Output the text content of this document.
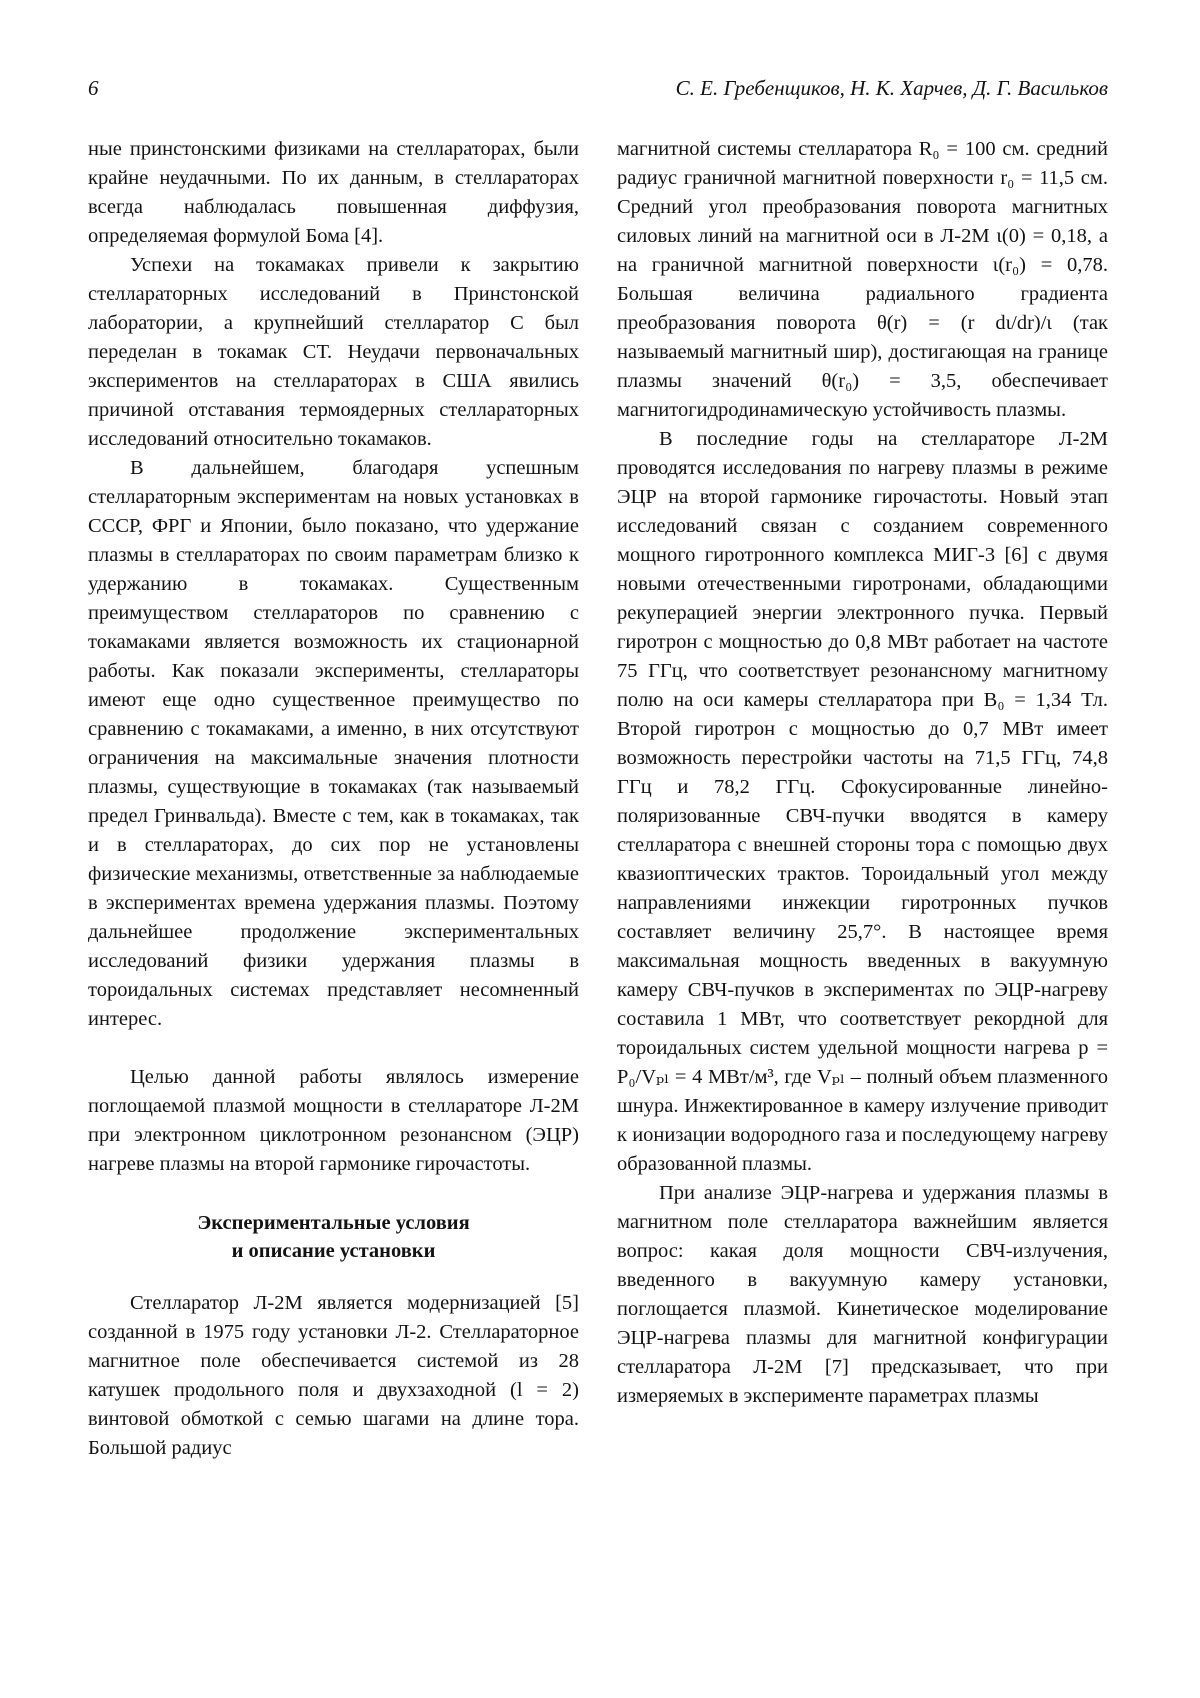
6	С. Е. Гребенщиков, Н. К. Харчев, Д. Г. Васильков

ные принстонскими физиками на стеллараторах, были крайне неудачными. По их данным, в стеллараторах всегда наблюдалась повышенная диффузия, определяемая формулой Бома [4].

Успехи на токамаках привели к закрытию стеллараторных исследований в Принстонской лаборатории, а крупнейший стелларатор С был переделан в токамак СТ. Неудачи первоначальных экспериментов на стеллараторах в США явились причиной отставания термоядерных стеллараторных исследований относительно токамаков.

В дальнейшем, благодаря успешным стеллараторным экспериментам на новых установках в СССР, ФРГ и Японии, было показано, что удержание плазмы в стеллараторах по своим параметрам близко к удержанию в токамаках. Существенным преимуществом стеллараторов по сравнению с токамаками является возможность их стационарной работы. Как показали эксперименты, стеллараторы имеют еще одно существенное преимущество по сравнению с токамаками, а именно, в них отсутствуют ограничения на максимальные значения плотности плазмы, существующие в токамаках (так называемый предел Гринвальда). Вместе с тем, как в токамаках, так и в стеллараторах, до сих пор не установлены физические механизмы, ответственные за наблюдаемые в экспериментах времена удержания плазмы. Поэтому дальнейшее продолжение экспериментальных исследований физики удержания плазмы в тороидальных системах представляет несомненный интерес.

Целью данной работы являлось измерение поглощаемой плазмой мощности в стеллараторе Л-2М при электронном циклотронном резонансном (ЭЦР) нагреве плазмы на второй гармонике гирочастоты.

Экспериментальные условия
и описание установки

Стелларатор Л-2М является модернизацией [5] созданной в 1975 году установки Л-2. Стеллараторное магнитное поле обеспечивается системой из 28 катушек продольного поля и двухзаходной (l = 2) винтовой обмоткой с семью шагами на длине тора. Большой радиус

магнитной системы стелларатора R₀ = 100 см. средний радиус граничной магнитной поверхности r₀ = 11,5 см. Средний угол преобразования поворота магнитных силовых линий на магнитной оси в Л-2М ι(0) = 0,18, а на граничной магнитной поверхности ι(r₀) = 0,78. Большая величина радиального градиента преобразования поворота θ(r) = (r dι/dr)/ι (так называемый магнитный шир), достигающая на границе плазмы значений θ(r₀) = 3,5, обеспечивает магнитогидродинамическую устойчивость плазмы.

В последние годы на стеллараторе Л-2М проводятся исследования по нагреву плазмы в режиме ЭЦР на второй гармонике гирочастоты. Новый этап исследований связан с созданием современного мощного гиротронного комплекса МИГ-3 [6] с двумя новыми отечественными гиротронами, обладающими рекуперацией энергии электронного пучка. Первый гиротрон с мощностью до 0,8 МВт работает на частоте 75 ГГц, что соответствует резонансному магнитному полю на оси камеры стелларатора при B₀ = 1,34 Тл. Второй гиротрон с мощностью до 0,7 МВт имеет возможность перестройки частоты на 71,5 ГГц, 74,8 ГГц и 78,2 ГГц. Сфокусированные линейно-поляризованные СВЧ-пучки вводятся в камеру стелларатора с внешней стороны тора с помощью двух квазиоптических трактов. Тороидальный угол между направлениями инжекции гиротронных пучков составляет величину 25,7°. В настоящее время максимальная мощность введенных в вакуумную камеру СВЧ-пучков в экспериментах по ЭЦР-нагреву составила 1 МВт, что соответствует рекордной для тороидальных систем удельной мощности нагрева p = P₀/Vₚₗ = 4 МВт/м³, где Vₚₗ – полный объем плазменного шнура. Инжектированное в камеру излучение приводит к ионизации водородного газа и последующему нагреву образованной плазмы.

При анализе ЭЦР-нагрева и удержания плазмы в магнитном поле стелларатора важнейшим является вопрос: какая доля мощности СВЧ-излучения, введенного в вакуумную камеру установки, поглощается плазмой. Кинетическое моделирование ЭЦР-нагрева плазмы для магнитной конфигурации стелларатора Л-2М [7] предсказывает, что при измеряемых в эксперименте параметрах плазмы
